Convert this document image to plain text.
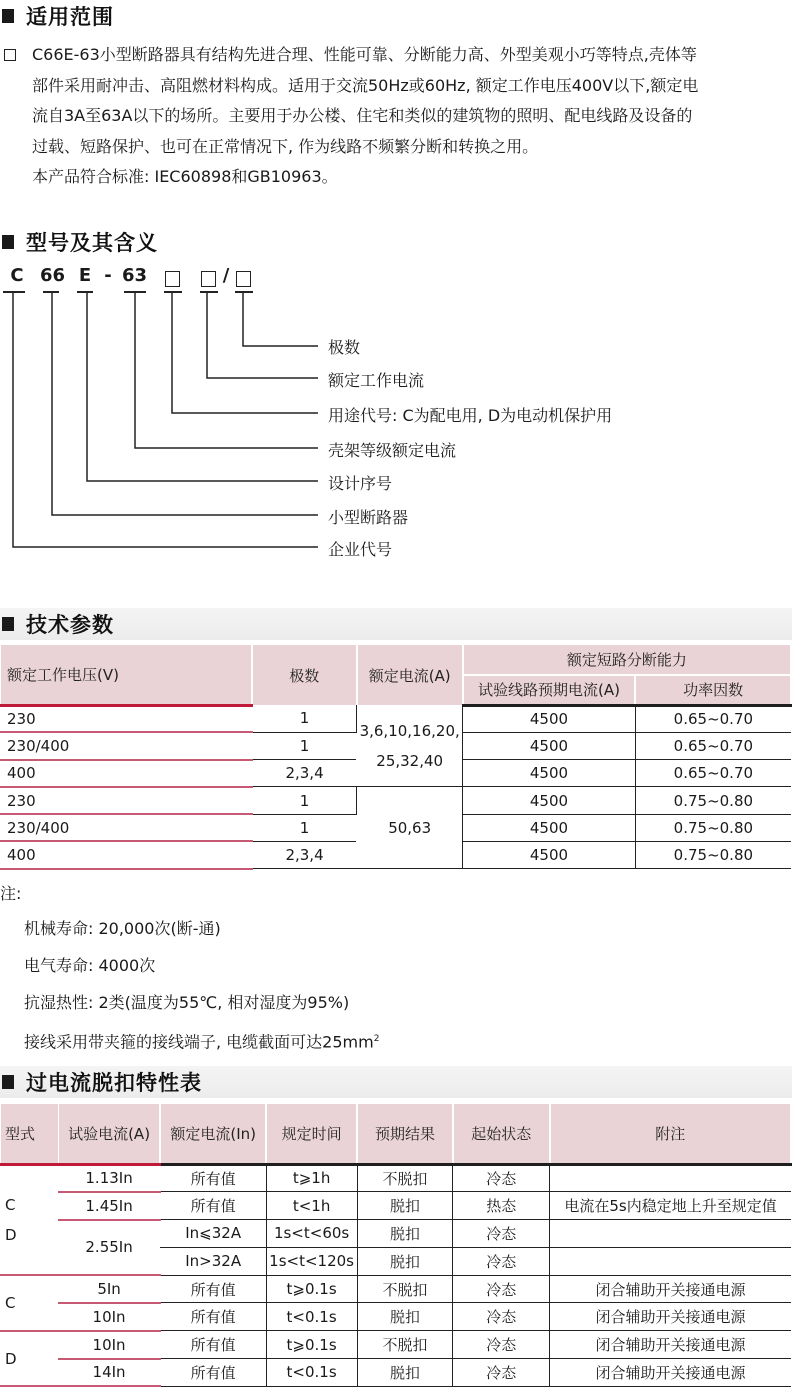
适用范围
C66E-63小型断路器具有结构先进合理、性能可靠、分断能力高、外型美观小巧等特点,壳体等
部件采用耐冲击、高阻燃材料构成。适用于交流50Hz或60Hz, 额定工作电压400V以下,额定电
流自3A至63A以下的场所。主要用于办公楼、住宅和类似的建筑物的照明、配电线路及设备的
过载、短路保护、也可在正常情况下, 作为线路不频繁分断和转换之用。
本产品符合标准: IEC60898和GB10963。
型号及其含义
C 66 E - 63	/
极数
额定工作电流
用途代号: C为配电用, D为电动机保护用
壳架等级额定电流
设计序号
小型断路器
企业代号
技术参数
额定工作电压(V)	极数	额定电流(A)	额定短路分断能力	
			试验线路预期电流(A)	功率因数
230	1	3,6,10,16,20,
25,32,40	4500	0.65~0.70
230/400	1		4500	0.65~0.70
400	2,3,4		4500	0.65~0.70
230	1	50,63	4500	0.75~0.80
230/400	1		4500	0.75~0.80
400	2,3,4		4500	0.75~0.80
注:
机械寿命: 20,000次(断-通)
电气寿命: 4000次
抗湿热性: 2类(温度为55℃, 相对湿度为95%)
接线采用带夹箍的接线端子, 电缆截面可达$25mm^2$
过电流脱扣特性表
型式	试验电流(A)	额定电流(In)	规定时间	预期结果	起始状态	附注
C
D	1.13In	所有值	t⩾1h	不脱扣	冷态	
	1.45In	所有值	t<1h	脱扣	热态	电流在5s内稳定地上升至规定值
	2.55In	In⩽32A	1s<t<60s	脱扣	冷态	
		In>32A	1s<t<120s	脱扣	冷态	
C	5In	所有值	t⩾0.1s	不脱扣	冷态	闭合辅助开关接通电源
	10In	所有值	t<0.1s	脱扣	冷态	闭合辅助开关接通电源
D	10In	所有值	t⩾0.1s	不脱扣	冷态	闭合辅助开关接通电源
	14In	所有值	t<0.1s	脱扣	冷态	闭合辅助开关接通电源
